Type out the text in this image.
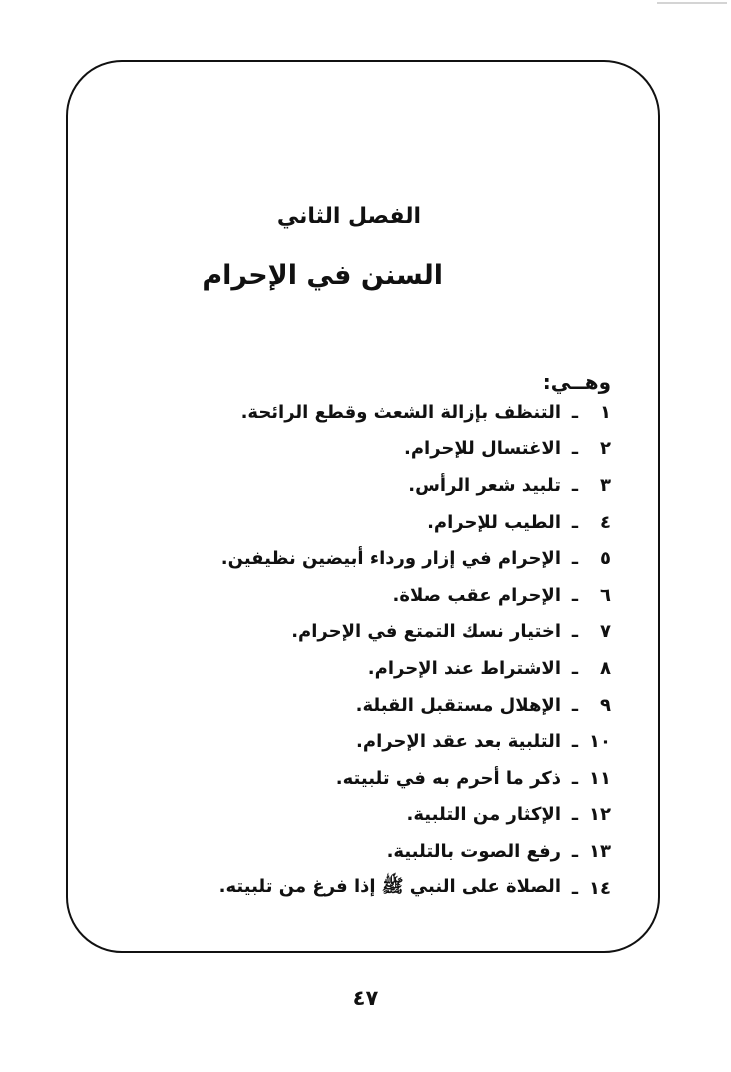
الفصل الثاني
السنن في الإحرام
وهــي:
١
ـ
التنظف بإزالة الشعث وقطع الرائحة.
٢
ـ
الاغتسال للإحرام.
٣
ـ
تلبيد شعر الرأس.
٤
ـ
الطيب للإحرام.
٥
ـ
الإحرام في إزار ورداء أبيضين نظيفين.
٦
ـ
الإحرام عقب صلاة.
٧
ـ
اختيار نسك التمتع في الإحرام.
٨
ـ
الاشتراط عند الإحرام.
٩
ـ
الإهلال مستقبل القبلة.
١٠
ـ
التلبية بعد عقد الإحرام.
١١
ـ
ذكر ما أحرم به في تلبيته.
١٢
ـ
الإكثار من التلبية.
١٣
ـ
رفع الصوت بالتلبية.
١٤
ـ
الصلاة على النبي ﷺ إذا فرغ من تلبيته.
٤٧
